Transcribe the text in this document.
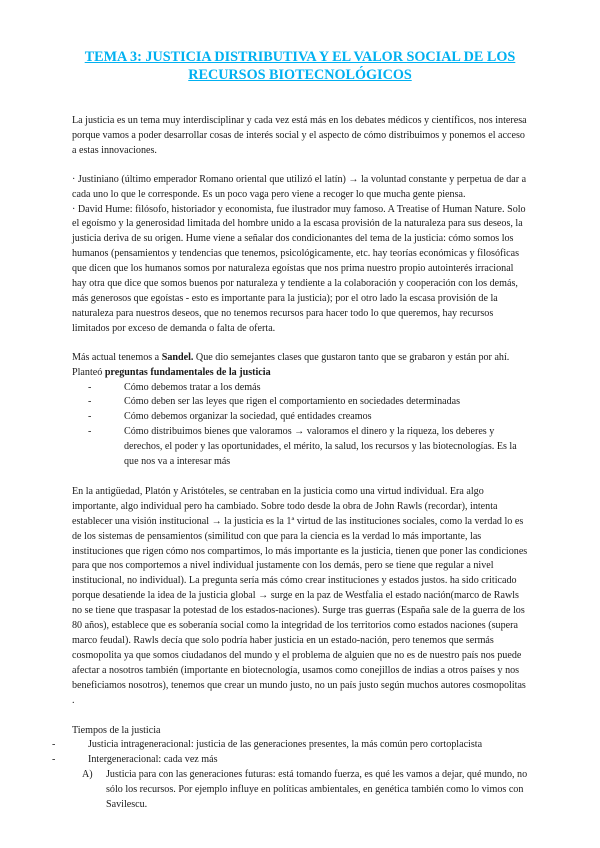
TEMA 3: JUSTICIA DISTRIBUTIVA Y EL VALOR SOCIAL DE LOS RECURSOS BIOTECNOLÓGICOS

La justicia es un tema muy interdisciplinar y cada vez está más en los debates médicos y científicos, nos interesa porque vamos a poder desarrollar cosas de interés social y el aspecto de cómo distribuimos y ponemos el acceso a estas innovaciones.

· Justiniano (último emperador Romano oriental que utilizó el latín) → la voluntad constante y perpetua de dar a cada uno lo que le corresponde. Es un poco vaga pero viene a recoger lo que mucha gente piensa.

· David Hume: filósofo, historiador y economista, fue ilustrador muy famoso. A Treatise of Human Nature. Solo el egoísmo y la generosidad limitada del hombre unido a la escasa provisión de la naturaleza para sus deseos, la justicia deriva de su origen. Hume viene a señalar dos condicionantes del tema de la justicia: cómo somos los humanos (pensamientos y tendencias que tenemos, psicológicamente, etc. hay teorías económicas y filosóficas que dicen que los humanos somos por naturaleza egoístas que nos prima nuestro propio autointerés irracional hay otra que dice que somos buenos por naturaleza y tendiente a la colaboración y cooperación con los demás, más generosos que egoístas - esto es importante para la justicia); por el otro lado la escasa provisión de la naturaleza para nuestros deseos, que no tenemos recursos para hacer todo lo que queremos, hay recursos limitados por exceso de demanda o falta de oferta.

Más actual tenemos a Sandel. Que dio semejantes clases que gustaron tanto que se grabaron y están por ahí.

Planteó preguntas fundamentales de la justicia

- Cómo debemos tratar a los demás
- Cómo deben ser las leyes que rigen el comportamiento en sociedades determinadas
- Cómo debemos organizar la sociedad, qué entidades creamos
- Cómo distribuimos bienes que valoramos → valoramos el dinero y la riqueza, los deberes y derechos, el poder y las oportunidades, el mérito, la salud, los recursos y las biotecnologías. Es la que nos va a interesar más

En la antigüedad, Platón y Aristóteles, se centraban en la justicia como una virtud individual. Era algo importante, algo individual pero ha cambiado. Sobre todo desde la obra de John Rawls (recordar), intenta establecer una visión institucional → la justicia es la 1ª virtud de las instituciones sociales, como la verdad lo es de los sistemas de pensamientos (similitud con que para la ciencia es la verdad lo más importante, las instituciones que rigen cómo nos compartimos, lo más importante es la justicia, tienen que poner las condiciones para que nos comportemos a nivel individual justamente con los demás, pero se tiene que regular a nivel institucional, no individual). La pregunta sería más cómo crear instituciones y estados justos. ha sido criticado porque desatiende la idea de la justicia global → surge en la paz de Westfalia el estado nación(marco de Rawls no se tiene que traspasar la potestad de los estados-naciones). Surge tras guerras (España sale de la guerra de los 80 años), establece que es soberanía social como la integridad de los territorios como estados naciones (supera marco feudal). Rawls decía que solo podría haber justicia en un estado-nación, pero tenemos que sermás cosmopolita ya que somos ciudadanos del mundo y el problema de alguien que no es de nuestro país nos puede afectar a nosotros también (importante en biotecnología, usamos como conejillos de indias a otros países y nos beneficiamos nosotros), tenemos que crear un mundo justo, no un país justo según muchos autores cosmopolitas .

Tiempos de la justicia

- Justicia intrageneracional: justicia de las generaciones presentes, la más común pero cortoplacista
- Intergeneracional: cada vez más
A) Justicia para con las generaciones futuras: está tomando fuerza, es qué les vamos a dejar, qué mundo, no sólo los recursos. Por ejemplo influye en políticas ambientales, en genética también como lo vimos con Savilescu.
